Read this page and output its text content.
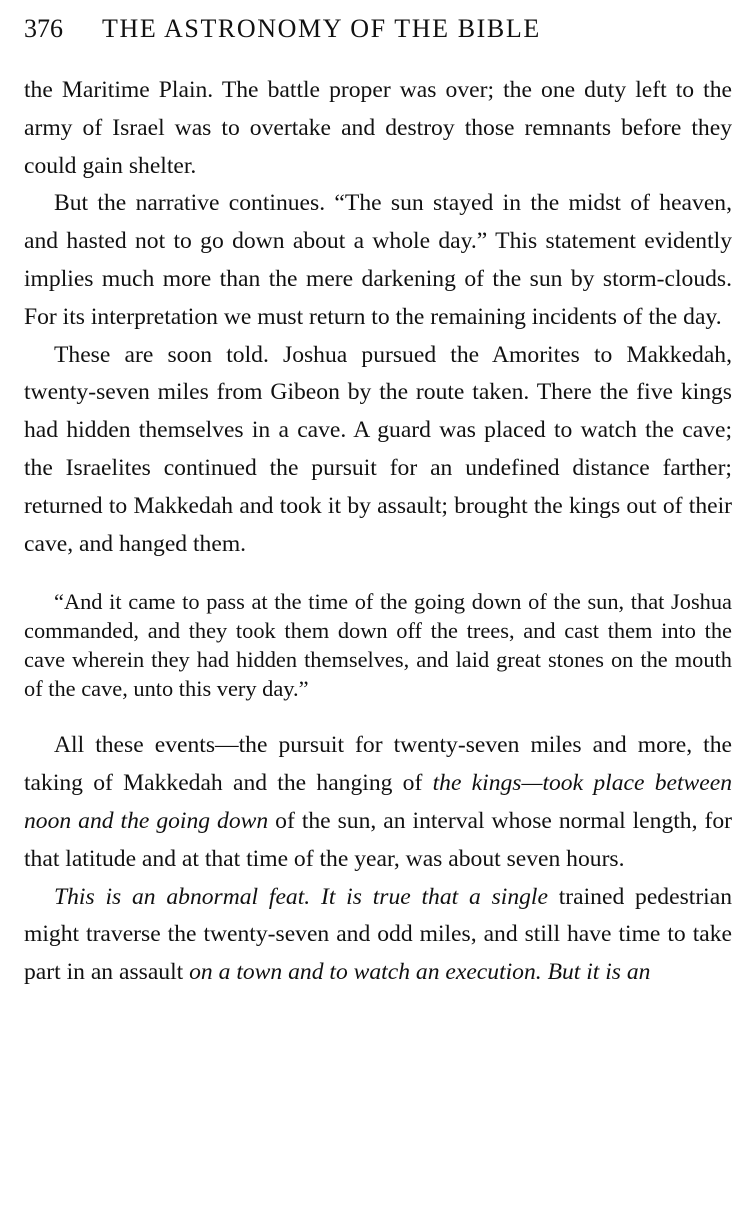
376	THE ASTRONOMY OF THE BIBLE

the Maritime Plain. The battle proper was over; the one duty left to the army of Israel was to overtake and destroy those remnants before they could gain shelter.

But the narrative continues. “The sun stayed in the midst of heaven, and hasted not to go down about a whole day.” This statement evidently implies much more than the mere darkening of the sun by storm-clouds. For its interpretation we must return to the remaining incidents of the day.

These are soon told. Joshua pursued the Amorites to Makkedah, twenty-seven miles from Gibeon by the route taken. There the five kings had hidden themselves in a cave. A guard was placed to watch the cave; the Israelites continued the pursuit for an undefined distance farther; returned to Makkedah and took it by assault; brought the kings out of their cave, and hanged them.

“And it came to pass at the time of the going down of the sun, that Joshua commanded, and they took them down off the trees, and cast them into the cave wherein they had hidden themselves, and laid great stones on the mouth of the cave, unto this very day.”

All these events—the pursuit for twenty-seven miles and more, the taking of Makkedah and the hanging of the kings—took place between noon and the going down of the sun, an interval whose normal length, for that latitude and at that time of the year, was about seven hours.

This is an abnormal feat. It is true that a single trained pedestrian might traverse the twenty-seven and odd miles, and still have time to take part in an assault on a town and to watch an execution. But it is an
